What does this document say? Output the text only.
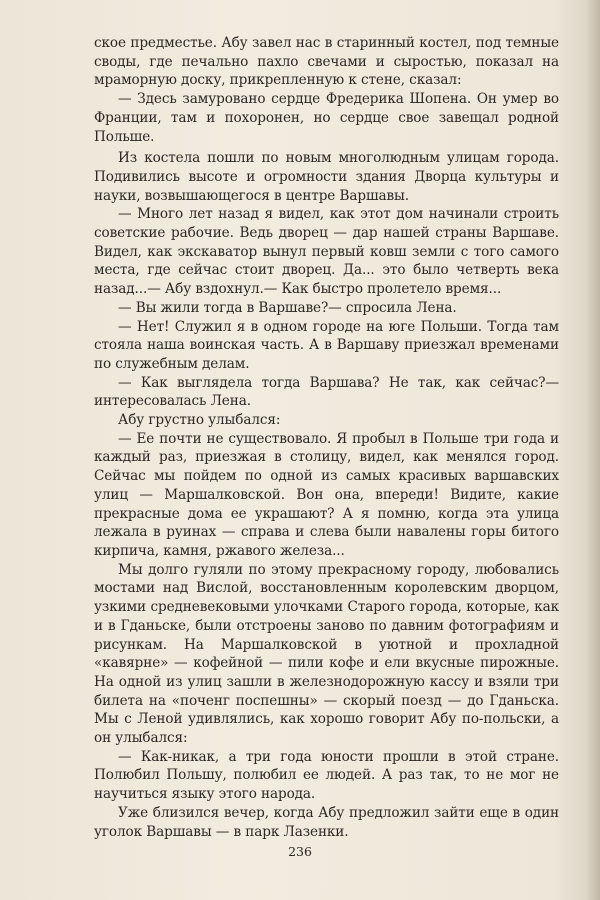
ское предместье. Абу завел нас в старинный костел, под темные своды, где печально пахло свечами и сыростью, показал на мраморную доску, прикрепленную к стене, сказал:

— Здесь замуровано сердце Фредерика Шопена. Он умер во Франции, там и похоронен, но сердце свое завещал родной Польше.

Из костела пошли по новым многолюдным улицам города. Подивились высоте и огромности здания Дворца культуры и науки, возвышающегося в центре Варшавы.

— Много лет назад я видел, как этот дом начинали строить советские рабочие. Ведь дворец — дар нашей страны Варшаве. Видел, как экскаватор вынул первый ковш земли с того самого места, где сейчас стоит дворец. Да... это было четверть века назад...— Абу вздохнул.— Как быстро пролетело время...

— Вы жили тогда в Варшаве?— спросила Лена.

— Нет! Служил я в одном городе на юге Польши. Тогда там стояла наша воинская часть. А в Варшаву приезжал временами по служебным делам.

— Как выглядела тогда Варшава? Не так, как сейчас?— интересовалась Лена.

Абу грустно улыбался:

— Ее почти не существовало. Я пробыл в Польше три года и каждый раз, приезжая в столицу, видел, как менялся город. Сейчас мы пойдем по одной из самых красивых варшавских улиц — Маршалковской. Вон она, впереди! Видите, какие прекрасные дома ее украшают? А я помню, когда эта улица лежала в руинах — справа и слева были навалены горы битого кирпича, камня, ржавого железа...

Мы долго гуляли по этому прекрасному городу, любовались мостами над Вислой, восстановленным королевским дворцом, узкими средневековыми улочками Старого города, которые, как и в Гданьске, были отстроены заново по давним фотографиям и рисункам. На Маршалковской в уютной и прохладной «кавярне» — кофейной — пили кофе и ели вкусные пирожные. На одной из улиц зашли в железнодорожную кассу и взяли три билета на «поченг поспешны» — скорый поезд — до Гданьска. Мы с Леной удивлялись, как хорошо говорит Абу по-польски, а он улыбался:

— Как-никак, а три года юности прошли в этой стране. Полюбил Польшу, полюбил ее людей. А раз так, то не мог не научиться языку этого народа.

Уже близился вечер, когда Абу предложил зайти еще в один уголок Варшавы — в парк Лазенки.

236
